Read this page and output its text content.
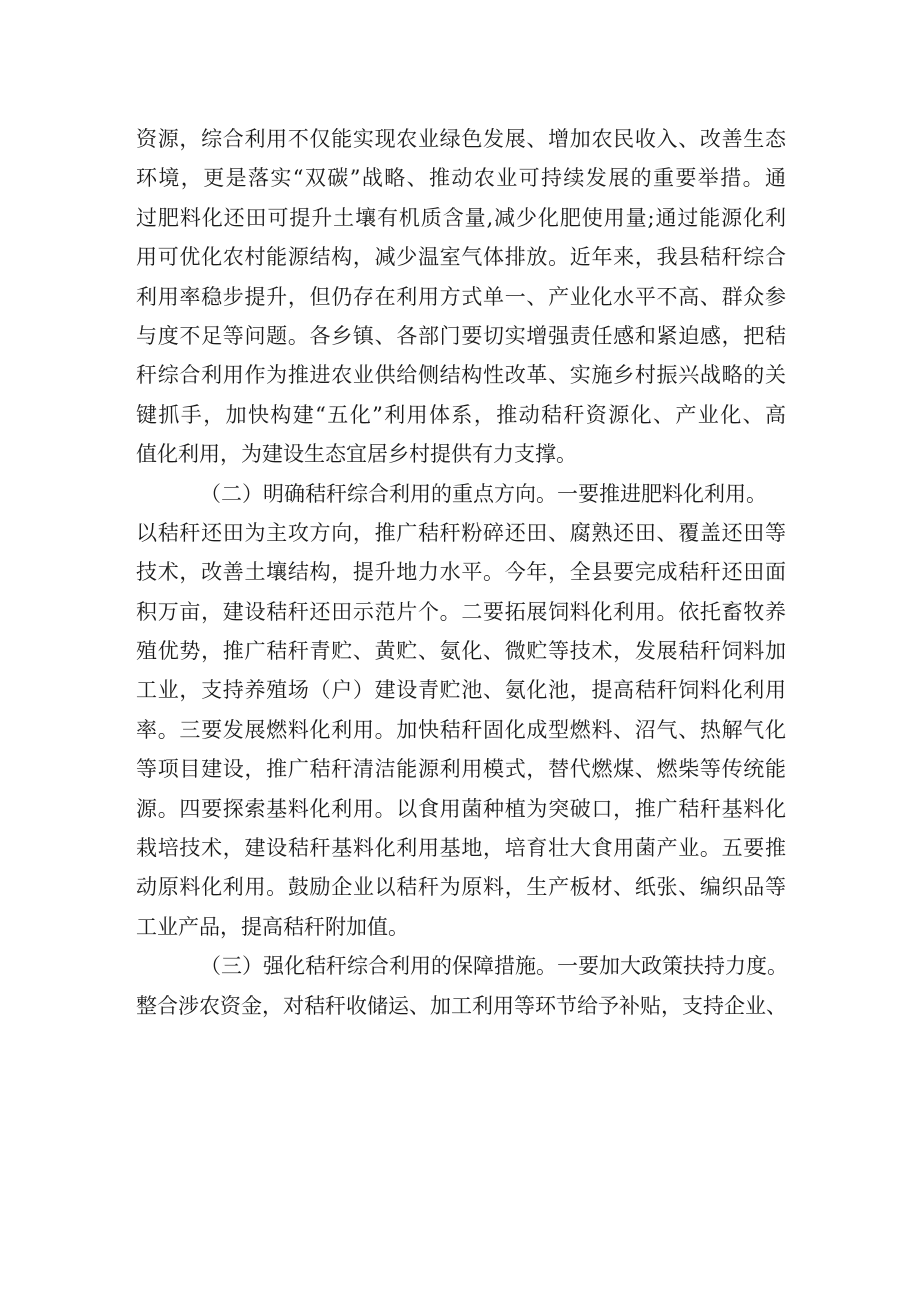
资源，综合利用不仅能实现农业绿色发展、增加农民收入、改善生态
环境，更是落实“双碳”战略、推动农业可持续发展的重要举措。通
过肥料化还田可提升土壤有机质含量,减少化肥使用量;通过能源化利
用可优化农村能源结构，减少温室气体排放。近年来，我县秸秆综合
利用率稳步提升，但仍存在利用方式单一、产业化水平不高、群众参
与度不足等问题。各乡镇、各部门要切实增强责任感和紧迫感，把秸
秆综合利用作为推进农业供给侧结构性改革、实施乡村振兴战略的关
键抓手，加快构建“五化”利用体系，推动秸秆资源化、产业化、高
值化利用，为建设生态宜居乡村提供有力支撑。
（二）明确秸秆综合利用的重点方向。一要推进肥料化利用。
以秸秆还田为主攻方向，推广秸秆粉碎还田、腐熟还田、覆盖还田等
技术，改善土壤结构，提升地力水平。今年，全县要完成秸秆还田面
积万亩，建设秸秆还田示范片个。二要拓展饲料化利用。依托畜牧养
殖优势，推广秸秆青贮、黄贮、氨化、微贮等技术，发展秸秆饲料加
工业，支持养殖场（户）建设青贮池、氨化池，提高秸秆饲料化利用
率。三要发展燃料化利用。加快秸秆固化成型燃料、沼气、热解气化
等项目建设，推广秸秆清洁能源利用模式，替代燃煤、燃柴等传统能
源。四要探索基料化利用。以食用菌种植为突破口，推广秸秆基料化
栽培技术，建设秸秆基料化利用基地，培育壮大食用菌产业。五要推
动原料化利用。鼓励企业以秸秆为原料，生产板材、纸张、编织品等
工业产品，提高秸秆附加值。
（三）强化秸秆综合利用的保障措施。一要加大政策扶持力度。
整合涉农资金，对秸秆收储运、加工利用等环节给予补贴，支持企业、
